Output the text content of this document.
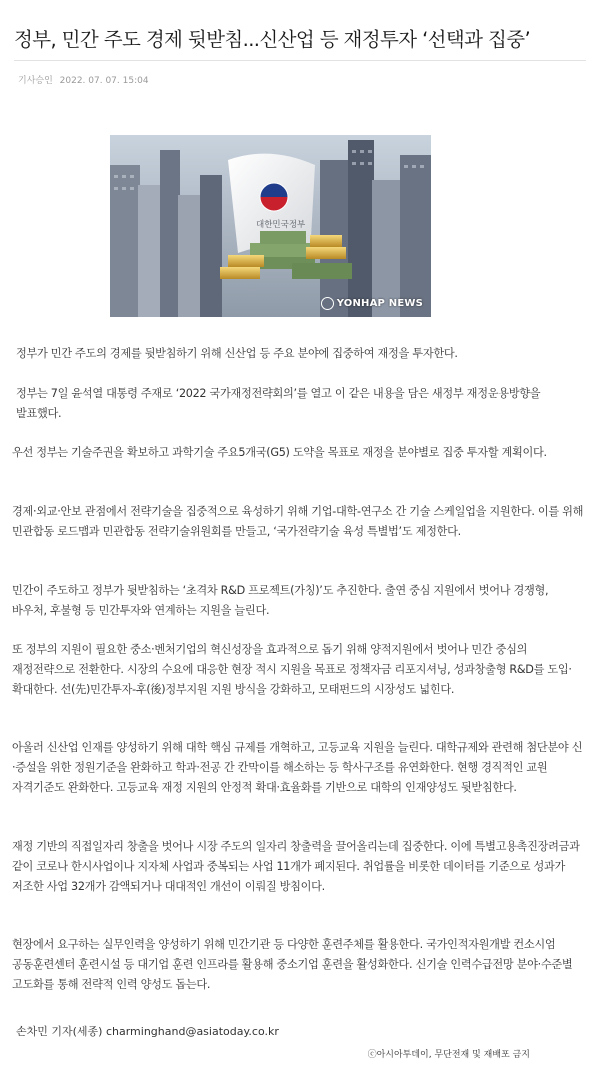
정부, 민간 주도 경제 뒷받침...신산업 등 재정투자 ‘선택과 집중’
기사승인 2022. 07. 07. 15:04
대한민국정부
YONHAP NEWS

정부가 민간 주도의 경제를 뒷받침하기 위해 신산업 등 주요 분야에 집중하여 재정을 투자한다.

정부는 7일 윤석열 대통령 주재로 ‘2022 국가재정전략회의’를 열고 이 같은 내용을 담은 새정부 재정운용방향을 발표했다.

우선 정부는 기술주권을 확보하고 과학기술 주요5개국(G5) 도약을 목표로 재정을 분야별로 집중 투자할 계획이다.

경제·외교·안보 관점에서 전략기술을 집중적으로 육성하기 위해 기업-대학-연구소 간 기술 스케일업을 지원한다. 이를 위해 민관합동 로드맵과 민관합동 전략기술위원회를 만들고, ‘국가전략기술 육성 특별법’도 제정한다.

민간이 주도하고 정부가 뒷받침하는 ‘초격차 R&D 프로젝트(가칭)’도 추진한다. 출연 중심 지원에서 벗어나 경쟁형, 바우처, 후불형 등 민간투자와 연계하는 지원을 늘린다.

또 정부의 지원이 필요한 중소·벤처기업의 혁신성장을 효과적으로 돕기 위해 양적지원에서 벗어나 민간 중심의 재정전략으로 전환한다. 시장의 수요에 대응한 현장 적시 지원을 목표로 정책자금 리포지셔닝, 성과창출형 R&D를 도입·확대한다. 선(先)민간투자-후(後)정부지원 지원 방식을 강화하고, 모태펀드의 시장성도 넓힌다.

아울러 신산업 인재를 양성하기 위해 대학 핵심 규제를 개혁하고, 고등교육 지원을 늘린다. 대학규제와 관련해 첨단분야 신·증설을 위한 정원기준을 완화하고 학과·전공 간 칸막이를 해소하는 등 학사구조를 유연화한다. 현행 경직적인 교원 자격기준도 완화한다. 고등교육 재정 지원의 안정적 확대·효율화를 기반으로 대학의 인재양성도 뒷받침한다.

재정 기반의 직접일자리 창출을 벗어나 시장 주도의 일자리 창출력을 끌어올리는데 집중한다. 이에 특별고용촉진장려금과 같이 코로나 한시사업이나 지자체 사업과 중복되는 사업 11개가 폐지된다. 취업률을 비롯한 데이터를 기준으로 성과가 저조한 사업 32개가 감액되거나 대대적인 개선이 이뤄질 방침이다.

현장에서 요구하는 실무인력을 양성하기 위해 민간기관 등 다양한 훈련주체를 활용한다. 국가인적자원개발 컨소시엄 공동훈련센터 훈련시설 등 대기업 훈련 인프라를 활용해 중소기업 훈련을 활성화한다. 신기술 인력수급전망 분야·수준별 고도화를 통해 전략적 인력 양성도 돕는다.

손차민 기자(세종) charminghand@asiatoday.co.kr
ⓒ아시아투데이, 무단전재 및 재배포 금지
